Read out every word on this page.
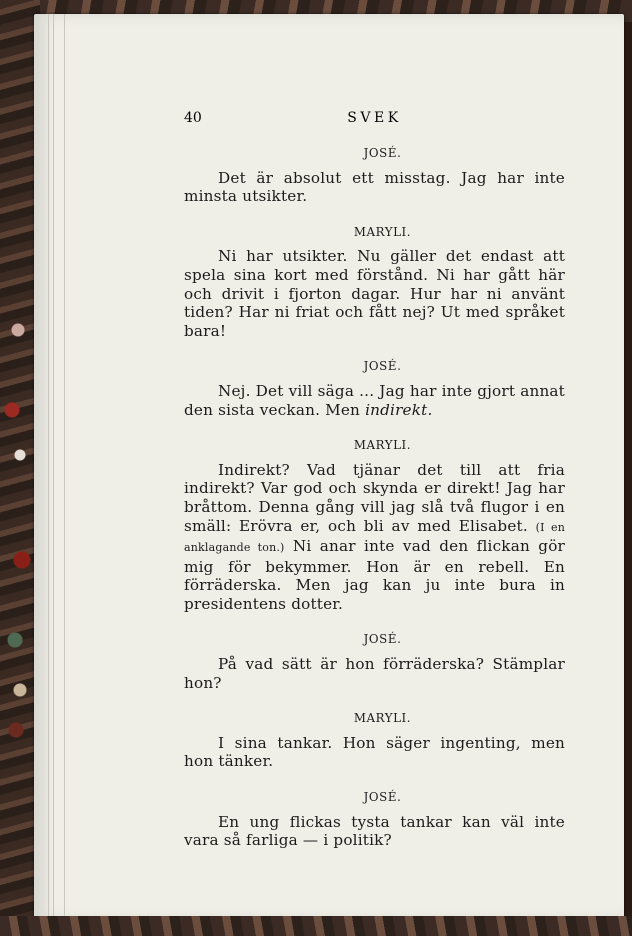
40	SVEK
JOSÉ.

Det är absolut ett misstag. Jag har inte minsta utsikter.

MARYLI.

Ni har utsikter. Nu gäller det endast att spela sina kort med förstånd. Ni har gått här och drivit i fjorton dagar. Hur har ni använt tiden? Har ni friat och fått nej? Ut med språket bara!

JOSÉ.

Nej. Det vill säga ... Jag har inte gjort annat den sista veckan. Men indirekt.

MARYLI.

Indirekt? Vad tjänar det till att fria indirekt? Var god och skynda er direkt! Jag har bråttom. Denna gång vill jag slå två flugor i en smäll: Erövra er, och bli av med Elisabet. (I en anklagande ton.) Ni anar inte vad den flickan gör mig för bekymmer. Hon är en rebell. En förräderska. Men jag kan ju inte bura in presidentens dotter.

JOSÉ.

På vad sätt är hon förräderska? Stämplar hon?

MARYLI.

I sina tankar. Hon säger ingenting, men hon tänker.

JOSÉ.

En ung flickas tysta tankar kan väl inte vara så farliga — i politik?
